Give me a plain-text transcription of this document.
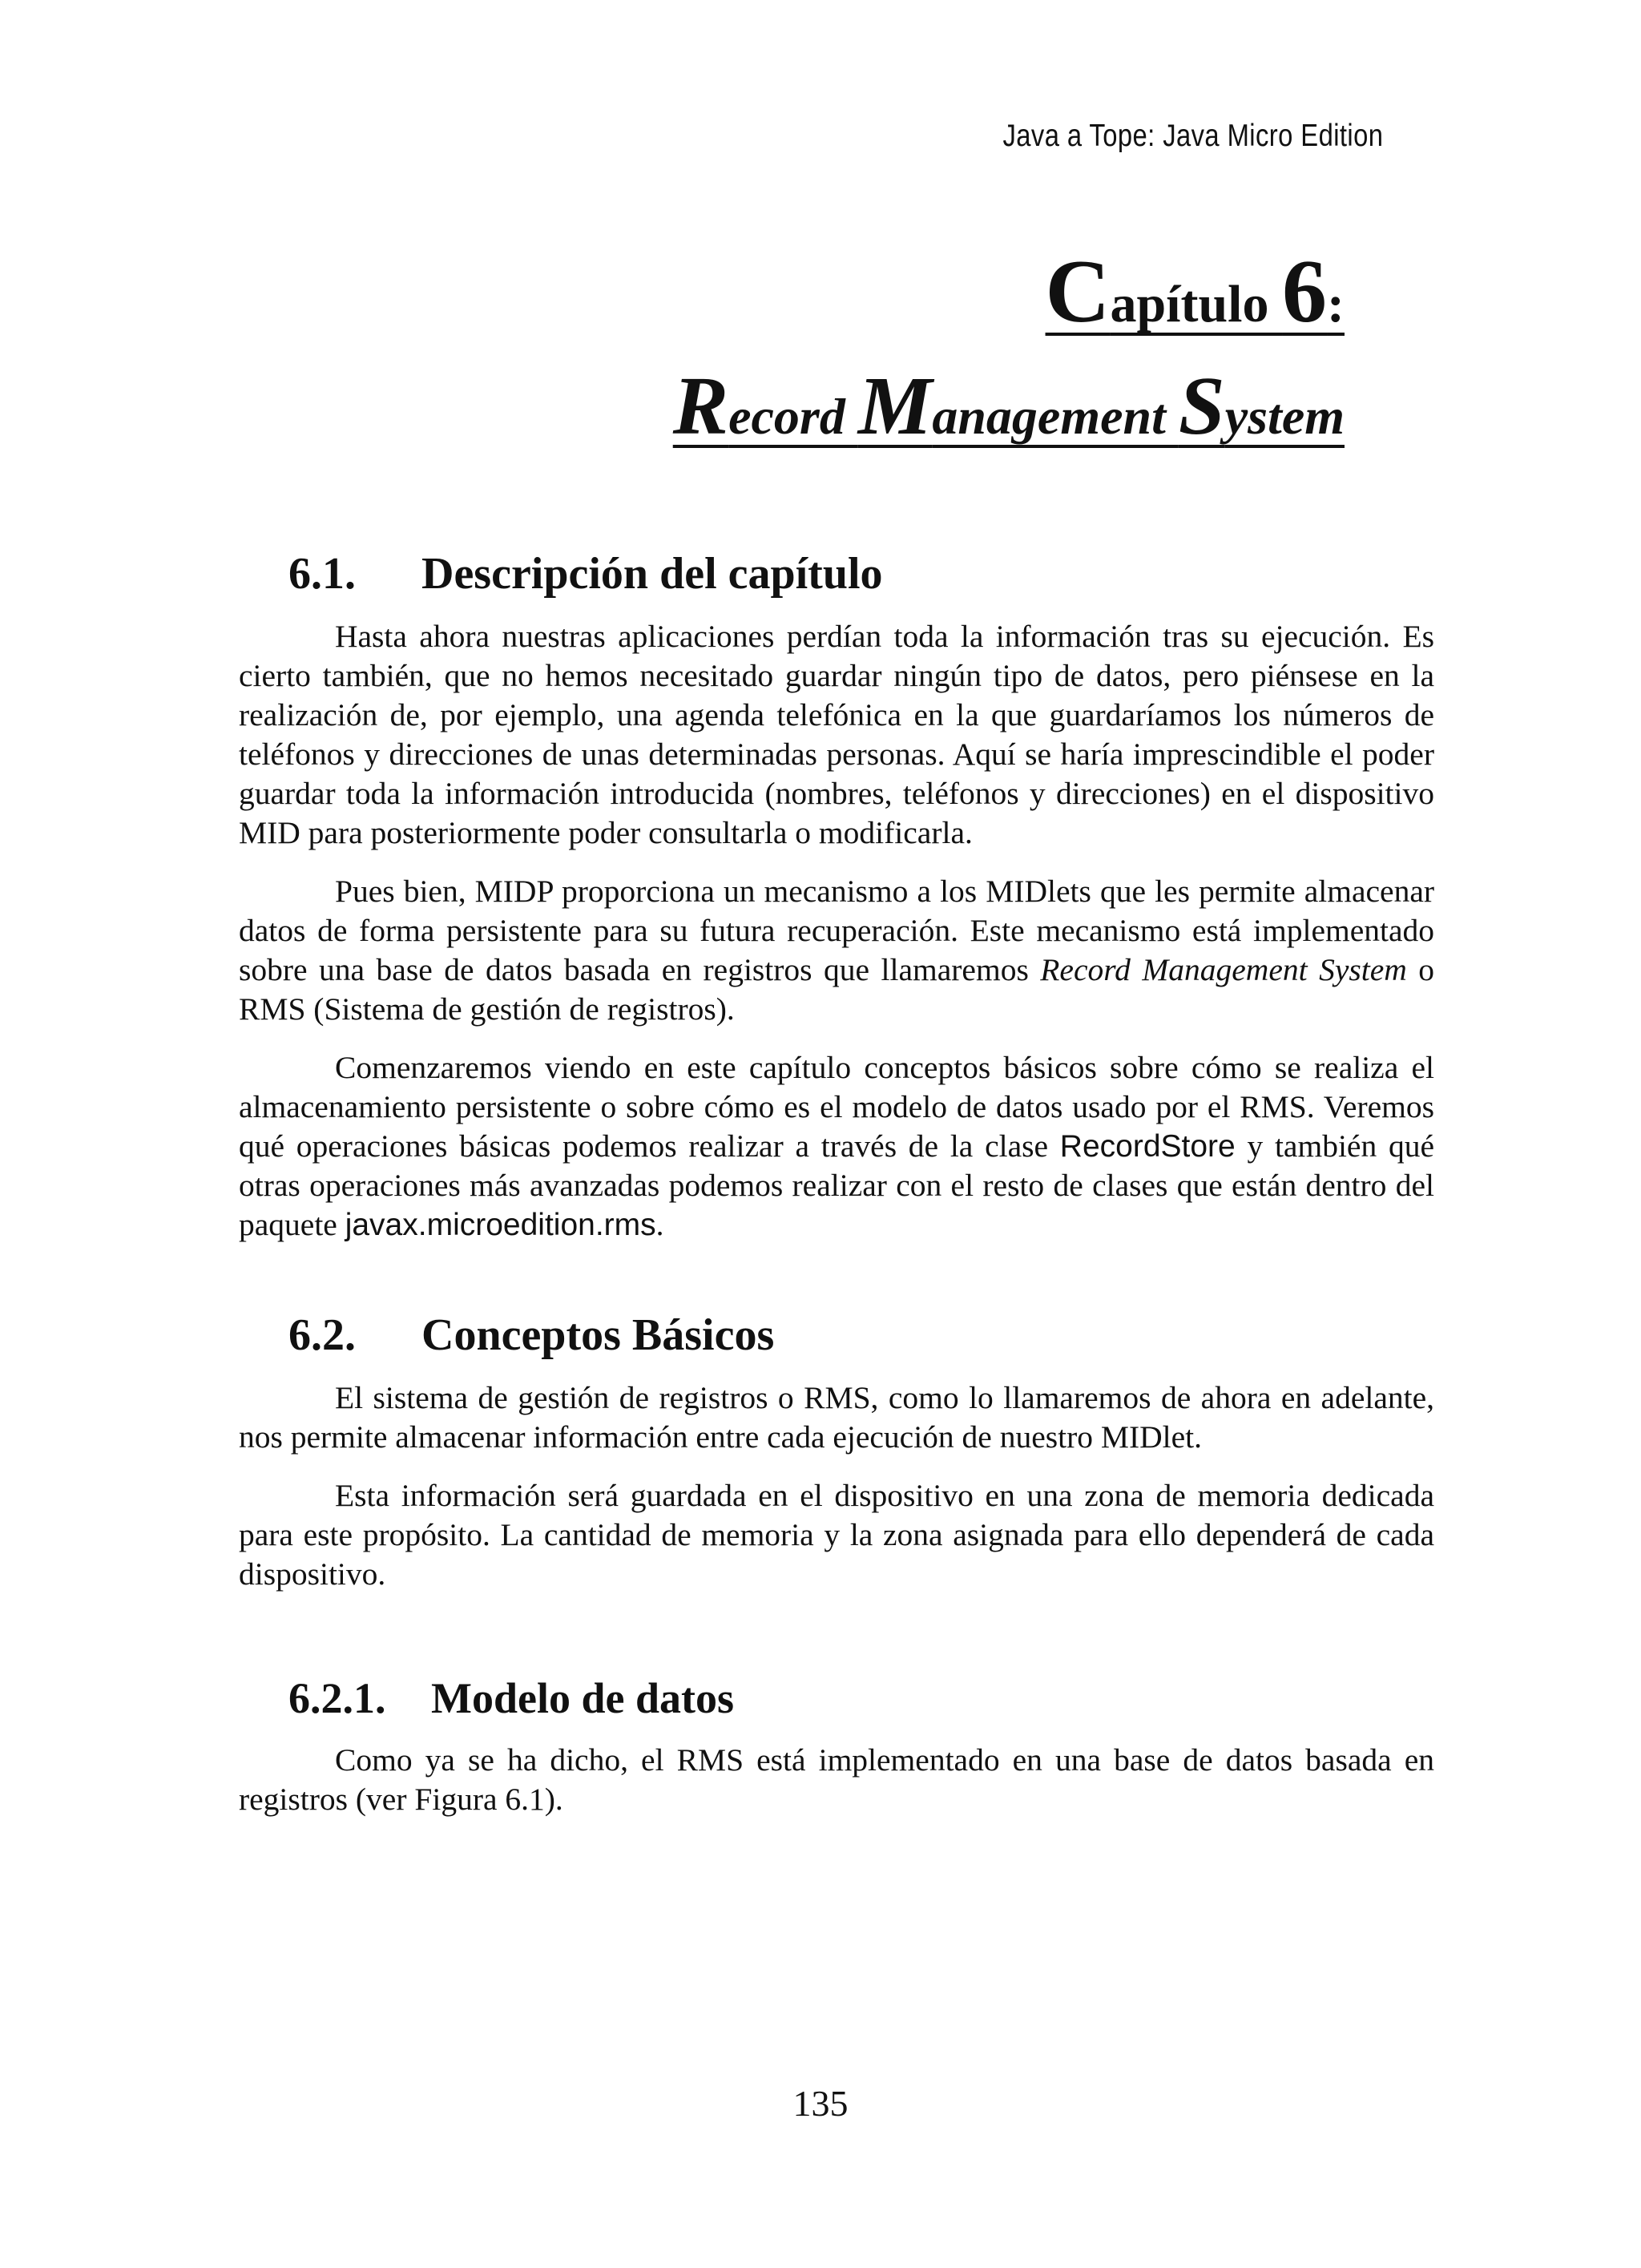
Java a Tope: Java Micro Edition
Capítulo 6:
Record Management System
6.1. Descripción del capítulo
Hasta ahora nuestras aplicaciones perdían toda la información tras su ejecución. Es cierto también, que no hemos necesitado guardar ningún tipo de datos, pero piénsese en la realización de, por ejemplo, una agenda telefónica en la que guardaríamos los números de teléfonos y direcciones de unas determinadas personas. Aquí se haría imprescindible el poder guardar toda la información introducida (nombres, teléfonos y direcciones) en el dispositivo MID para posteriormente poder consultarla o modificarla.
Pues bien, MIDP proporciona un mecanismo a los MIDlets que les permite almacenar datos de forma persistente para su futura recuperación. Este mecanismo está implementado sobre una base de datos basada en registros que llamaremos Record Management System o RMS (Sistema de gestión de registros).
Comenzaremos viendo en este capítulo conceptos básicos sobre cómo se realiza el almacenamiento persistente o sobre cómo es el modelo de datos usado por el RMS. Veremos qué operaciones básicas podemos realizar a través de la clase RecordStore y también qué otras operaciones más avanzadas podemos realizar con el resto de clases que están dentro del paquete javax.microedition.rms.
6.2. Conceptos Básicos
El sistema de gestión de registros o RMS, como lo llamaremos de ahora en adelante, nos permite almacenar información entre cada ejecución de nuestro MIDlet.
Esta información será guardada en el dispositivo en una zona de memoria dedicada para este propósito. La cantidad de memoria y la zona asignada para ello dependerá de cada dispositivo.
6.2.1. Modelo de datos
Como ya se ha dicho, el RMS está implementado en una base de datos basada en registros (ver Figura 6.1).
135
